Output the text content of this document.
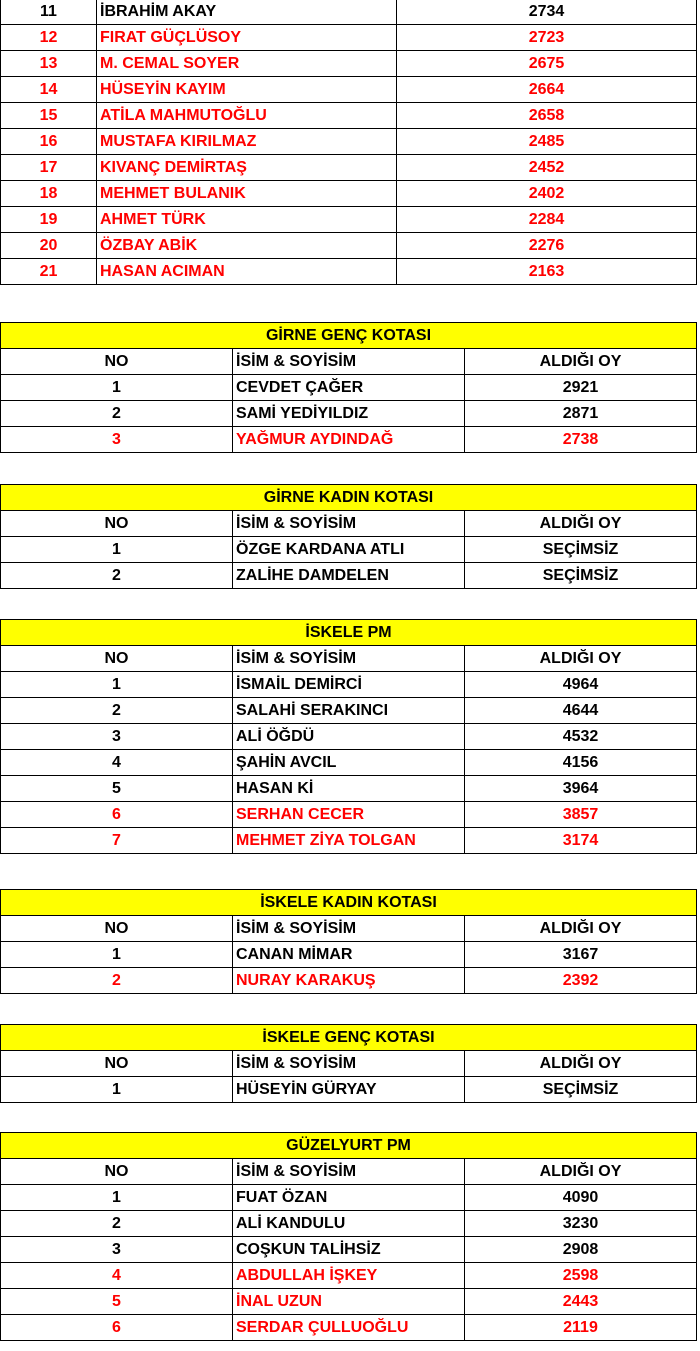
11	İBRAHİM AKAY	2734
12	FIRAT GÜÇLÜSOY	2723
13	M. CEMAL SOYER	2675
14	HÜSEYİN KAYIM	2664
15	ATİLA MAHMUTOĞLU	2658
16	MUSTAFA KIRILMAZ	2485
17	KIVANÇ DEMİRTAŞ	2452
18	MEHMET BULANIK	2402
19	AHMET TÜRK	2284
20	ÖZBAY ABİK	2276
21	HASAN ACIMAN	2163
GİRNE GENÇ KOTASI		
NO	İSİM & SOYİSİM	ALDIĞI OY
1	CEVDET ÇAĞER	2921
2	SAMİ YEDİYILDIZ	2871
3	YAĞMUR AYDINDAĞ	2738
GİRNE KADIN KOTASI		
NO	İSİM & SOYİSİM	ALDIĞI OY
1	ÖZGE KARDANA ATLI	SEÇİMSİZ
2	ZALİHE DAMDELEN	SEÇİMSİZ
İSKELE PM		
NO	İSİM & SOYİSİM	ALDIĞI OY
1	İSMAİL DEMİRCİ	4964
2	SALAHİ SERAKINCI	4644
3	ALİ ÖĞDÜ	4532
4	ŞAHİN AVCIL	4156
5	HASAN Kİ	3964
6	SERHAN CECER	3857
7	MEHMET ZİYA TOLGAN	3174
İSKELE KADIN KOTASI		
NO	İSİM & SOYİSİM	ALDIĞI OY
1	CANAN MİMAR	3167
2	NURAY KARAKUŞ	2392
İSKELE GENÇ KOTASI		
NO	İSİM & SOYİSİM	ALDIĞI OY
1	HÜSEYİN GÜRYAY	SEÇİMSİZ
GÜZELYURT PM		
NO	İSİM & SOYİSİM	ALDIĞI OY
1	FUAT ÖZAN	4090
2	ALİ KANDULU	3230
3	COŞKUN TALİHSİZ	2908
4	ABDULLAH İŞKEY	2598
5	İNAL UZUN	2443
6	SERDAR ÇULLUOĞLU	2119
